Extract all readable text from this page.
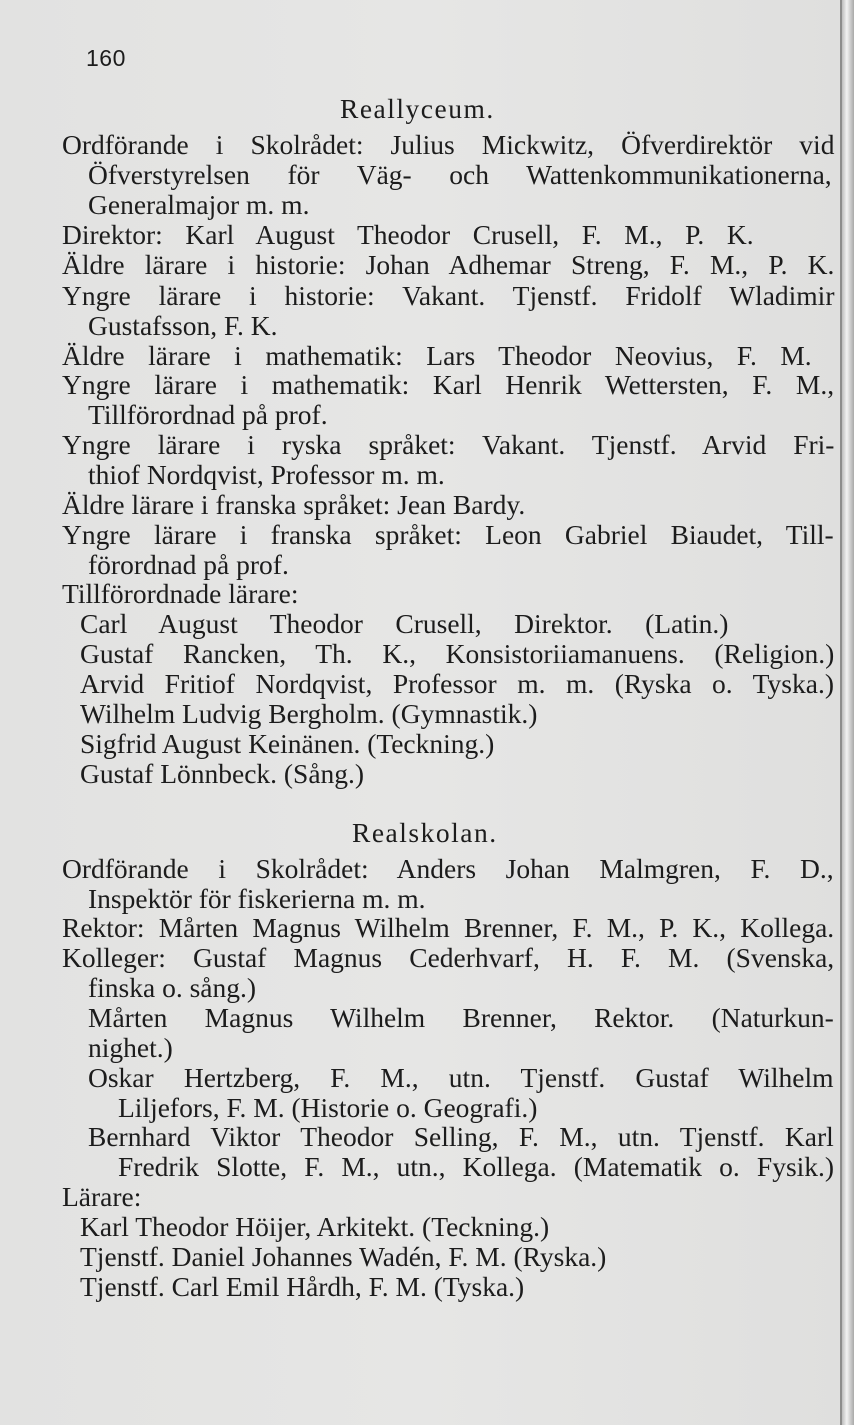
160
Reallyceum.
Ordförande i Skolrådet: Julius Mickwitz, Öfverdirektör vid
Öfverstyrelsen för Väg- och Wattenkommunikationerna,
Generalmajor m. m.
Direktor: Karl August Theodor Crusell, F. M., P. K.
Äldre lärare i historie: Johan Adhemar Streng, F. M., P. K.
Yngre lärare i historie: Vakant. Tjenstf. Fridolf Wladimir
Gustafsson, F. K.
Äldre lärare i mathematik: Lars Theodor Neovius, F. M.
Yngre lärare i mathematik: Karl Henrik Wettersten, F. M.,
Tillförordnad på prof.
Yngre lärare i ryska språket: Vakant. Tjenstf. Arvid Fri-
thiof Nordqvist, Professor m. m.
Äldre lärare i franska språket: Jean Bardy.
Yngre lärare i franska språket: Leon Gabriel Biaudet, Till-
förordnad på prof.
Tillförordnade lärare:
Carl August Theodor Crusell, Direktor. (Latin.)
Gustaf Rancken, Th. K., Konsistoriiamanuens. (Religion.)
Arvid Fritiof Nordqvist, Professor m. m. (Ryska o. Tyska.)
Wilhelm Ludvig Bergholm. (Gymnastik.)
Sigfrid August Keinänen. (Teckning.)
Gustaf Lönnbeck. (Sång.)
Realskolan.
Ordförande i Skolrådet: Anders Johan Malmgren, F. D.,
Inspektör för fiskerierna m. m.
Rektor: Mårten Magnus Wilhelm Brenner, F. M., P. K., Kollega.
Kolleger: Gustaf Magnus Cederhvarf, H. F. M. (Svenska,
finska o. sång.)
Mårten Magnus Wilhelm Brenner, Rektor. (Naturkun-
nighet.)
Oskar Hertzberg, F. M., utn. Tjenstf. Gustaf Wilhelm
Liljefors, F. M. (Historie o. Geografi.)
Bernhard Viktor Theodor Selling, F. M., utn. Tjenstf. Karl
Fredrik Slotte, F. M., utn., Kollega. (Matematik o. Fysik.)
Lärare:
Karl Theodor Höijer, Arkitekt. (Teckning.)
Tjenstf. Daniel Johannes Wadén, F. M. (Ryska.)
Tjenstf. Carl Emil Hårdh, F. M. (Tyska.)
